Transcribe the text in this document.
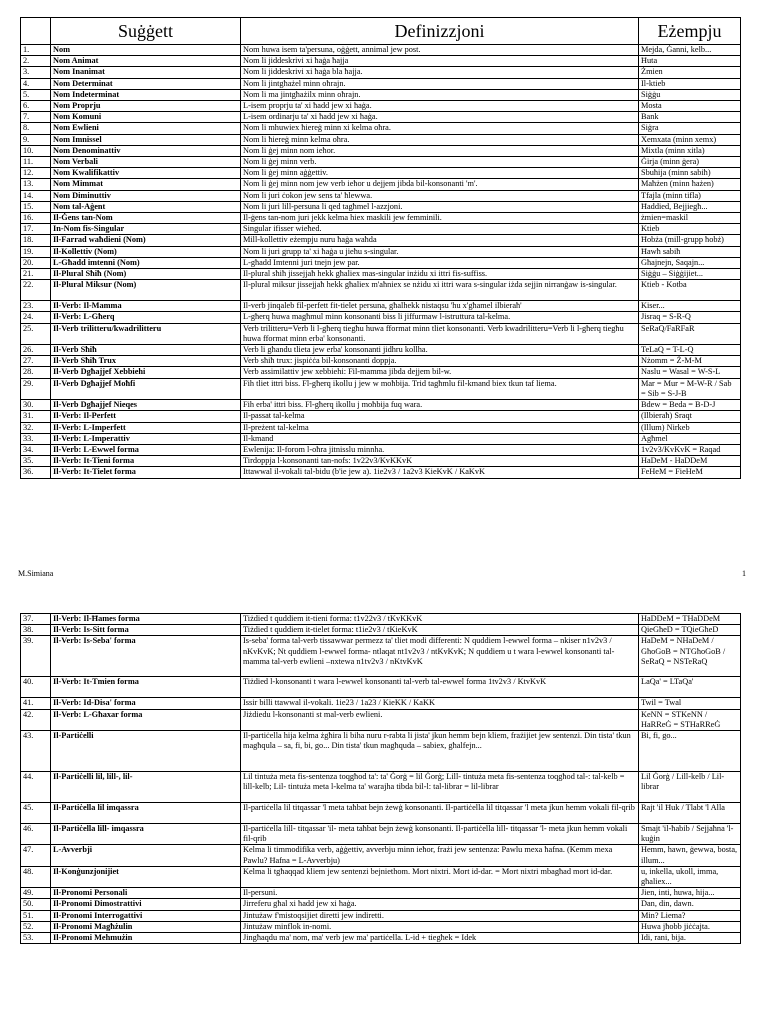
	Suġġett	Definizzjoni	Eżempju
1.	Nom	Nom huwa isem ta'persuna, oġġett, annimal jew post.	Mejda, Ġanni, kelb...
2.	Nom Animat	Nom li jiddeskrivi xi ħaġa ħajja	Ħuta
3.	Nom Inanimat	Nom li jiddeskrivi xi ħaġa bla ħajja.	Żmien
4.	Nom Determinat	Nom li jintgħażel minn oħrajn.	Il-ktieb
5.	Nom Indeterminat	Nom li ma jintgħażilx minn oħrajn.	Siġġu
6.	Nom Proprju	L-isem proprju ta' xi ħadd jew xi ħaġa.	Mosta
7.	Nom Komuni	L-isem ordinarju ta' xi ħadd jew xi ħaġa.	Bank
8.	Nom Ewlieni	Nom li mhuwiex ħiereġ minn xi kelma oħra.	Siġra
9.	Nom Imnissel	Nom li ħiereġ minn kelma oħra.	Xemxata (minn xemx)
10.	Nom Denominattiv	Nom li ġej minn nom ieħor.	Mixtla (minn xitla)
11.	Nom Verbali	Nom li ġej minn verb.	Ġirja (minn ġera)
12.	Nom Kwalifikattiv	Nom li ġej minn aġġettiv.	Sbuħija (minn sabiħ)
13.	Nom Mimmat	Nom li ġej minn nom jew verb ieħor u dejjem jibda bil-konsonanti 'm'.	Maħżen (minn ħażen)
14.	Nom Diminuttiv	Nom li juri ċokon jew sens ta' ħlewwa.	Tfajla (minn tifla)
15.	Nom tal-Aġent	Nom li juri lill-persuna li qed tagħmel l-azzjoni.	Ħaddied, Bejjiegħ...
16.	Il-Ġens tan-Nom	Il-ġens tan-nom juri jekk kelma hiex maskili jew femminili.	żmien=maskil
17.	In-Nom fis-Singular	Singular ifisser wieħed.	Ktieb
18.	Il-Farrad waħdieni (Nom)	Mill-kollettiv eżempju nuru ħaġa waħda	Ħobża (mill-grupp ħobż)
19.	Il-Kollettiv (Nom)	Nom li juri grupp ta' xi ħaġa u jieħu s-singular.	Ħawħ sabiħ
20.	L-Għadd imtenni (Nom)	L-għadd Imtenni juri tnejn jew par.	Għajnejn, Saqajn...
21.	Il-Plural Sħiħ (Nom)	Il-plural sħiħ jissejjaħ hekk għaliex mas-singular inżidu xi ittri fis-suffiss.	Siġġu – Siġġijiet...
22.	Il-Plural Miksur (Nom)	Il-plural miksur jissejjaħ hekk għaliex m'aħniex se nżidu xi ittri wara s-singular iżda sejjin nirranġaw is-singular.	Ktieb - Kotba
23.	Il-Verb: Il-Mamma	Il-verb jinqaleb fil-perfett fit-tielet persuna, għalhekk nistaqsu 'hu x'għamel ilbieraħ'	Kiser...
24.	Il-Verb: L-Għerq	L-għerq huwa magħmul minn konsonanti biss li jiffurmaw l-istruttura tal-kelma.	Jisraq = S-R-Q
25.	Il-Verb trilitteru/kwadrilitteru	Verb trilitteru=Verb li l-għerq tiegħu huwa fformat minn tliet konsonanti. Verb kwadrilitteru=Verb li l-għerq tiegħu huwa fformat minn erba' konsonanti.	SeRaQ/FaRFaR
26.	Il-Verb Sħiħ	Verb li għandu tlieta jew erba' konsonanti jidhru kollha.	TeLaQ = T-L-Q
27.	Il-Verb Sħiħ Trux	Verb sħiħ trux: jispiċċa bil-konsonanti doppja.	Nżomm = Ż-M-M
28.	Il-Verb Dgħajjef Xebbiehi	Verb assimilattiv jew xebbiehi: Fil-mamma jibda dejjem bil-w.	Naslu = Wasal = W-S-L
29.	Il-Verb Dgħajjef Moħfi	Fih tliet ittri biss. Fl-għerq ikollu j jew w moħbija. Trid tagħmlu fil-kmand biex tkun taf liema.	Mar = Mur = M-W-R / Sab = Sib = S-J-B
30.	Il-Verb Dgħajjef Nieqes	Fih erba' ittri biss. Fl-għerq ikollu j moħbija fuq wara.	Bdew = Beda = B-D-J
31.	Il-Verb: Il-Perfett	Il-passat tal-kelma	(Ilbieraħ) Sraqt
32.	Il-Verb: L-Imperfett	Il-preżent tal-kelma	(Illum) Nirkeb
33.	Il-Verb: L-Imperattiv	Il-kmand	Agħmel
34.	Il-Verb: L-Ewwel forma	Ewlenija: Il-forom l-oħra jitnisslu minnha.	1v2v3/KvKvK = Raqad
35.	Il-Verb: It-Tieni forma	Tirdoppja l-konsonanti tan-nofs: 1v22v3/KvKKvK	HaDeM - HaDDeM
36.	Il-Verb: It-Tielet forma	Ittawwal il-vokali tal-bidu (b'ie jew a). 1ie2v3 / 1a2v3 KieKvK / KaKvK	FeHeM = FieHeM
M.Simiana	1
37.	Il-Verb: Il-Ħames forma	Tiżdied t quddiem it-tieni forma: t1v22v3 / tKvKKvK	HaDDeM = THaDDeM
38.	Il-Verb: Is-Sitt forma	Tiżdied t quddiem it-tielet forma: t1ie2v3 / tKieKvK	QieGħeD = TQieGħeD
39.	Il-Verb: Is-Seba' forma	Is-seba' forma tal-verb tissawwar permezz ta' tliet modi differenti: N quddiem l-ewwel forma – nkiser n1v2v3 / nKvKvK; Nt quddiem l-ewwel forma- ntlaqat nt1v2v3 / ntKvKvK; N quddiem u t wara l-ewwel konsonanti tal-mamma tal-verb ewlieni –nxtewa n1tv2v3 / nKtvKvK	HaDeM = NHaDeM / GħoGoB = NTGħoGoB / SeRaQ = NSTeRaQ
40.	Il-Verb: It-Tmien forma	Tiżdied l-konsonanti t wara l-ewwel konsonanti tal-verb tal-ewwel forma 1tv2v3 / KtvKvK	LaQa' = LTaQa'
41.	Il-Verb: Id-Disa' forma	Issir billi ttawwal il-vokali. 1ie23 / 1a23 / KieKK / KaKK	Twil = Twal
42.	Il-Verb: L-Għaxar forma	Jiżdiedu l-konsonanti st mal-verb ewlieni.	KeNN = STKeNN / HaRReĠ = STHaRReĠ
43.	Il-Partiċelli	Il-partiċella hija kelma żgħira li biha nuru r-rabta li jista' jkun hemm bejn kliem, frażijiet jew sentenzi. Din tista' tkun magħqula – sa, fi, bi, go... Din tista' tkun magħquda – sabiex, għalfejn...	Bi, fi, go...
44.	Il-Partiċelli lil, lill-, lil-	Lil tintuża meta fis-sentenza toqgħod ta': ta' Ġorġ = lil Ġorġ; Lill- tintuża meta fis-sentenza toqgħod tal-: tal-kelb = lill-kelb; Lil- tintuża meta l-kelma ta' warajha tibda bil-l: tal-librar = lil-librar	Lil Ġorġ / Lill-kelb / Lil-librar
45.	Il-Partiċella lil imqassra	Il-partiċella lil titqassar 'l meta taħbat bejn żewġ konsonanti. Il-partiċella lil titqassar 'l meta jkun hemm vokali fil-qrib	Rajt 'il Ħuk / Tlabt 'l Alla
46.	Il-Partiċella lill- imqassra	Il-partiċella lill- titqassar 'il- meta taħbat bejn żewġ konsonanti. Il-partiċella lill- titqassar 'l- meta jkun hemm vokali fil-qrib	Smajt 'il-ħabib / Sejjaħna 'l-kuġin
47.	L-Avverbji	Kelma li timmodifika verb, aġġettiv, avverbju minn ieħor, frażi jew sentenza: Pawlu mexa ħafna. (Kemm mexa Pawlu? Ħafna = L-Avverbju)	Hemm, hawn, ġewwa, bosta, illum...
48.	Il-Konġunzjonijiet	Kelma li tgħaqqad kliem jew sentenzi bejniethom. Mort nixtri. Mort id-dar. = Mort nixtri mbagħad mort id-dar.	u, inkella, ukoll, imma, għaliex...
49.	Il-Pronomi Personali	Il-persuni.	Jien, inti, huwa, hija...
50.	Il-Pronomi Dimostrattivi	Jirreferu għal xi ħadd jew xi ħaġa.	Dan, din, dawn.
51.	Il-Pronomi Interrogattivi	Jintużaw f'mistoqsijiet diretti jew indiretti.	Min? Liema?
52.	Il-Pronomi Magħżulin	Jintużaw minflok in-nomi.	Huwa jħobb jiċċajta.
53.	Il-Pronomi Mehmużin	Jingħaqdu ma' nom, ma' verb jew ma' partiċella. L-id + tiegħek = Idek	Idi, rani, bija.
